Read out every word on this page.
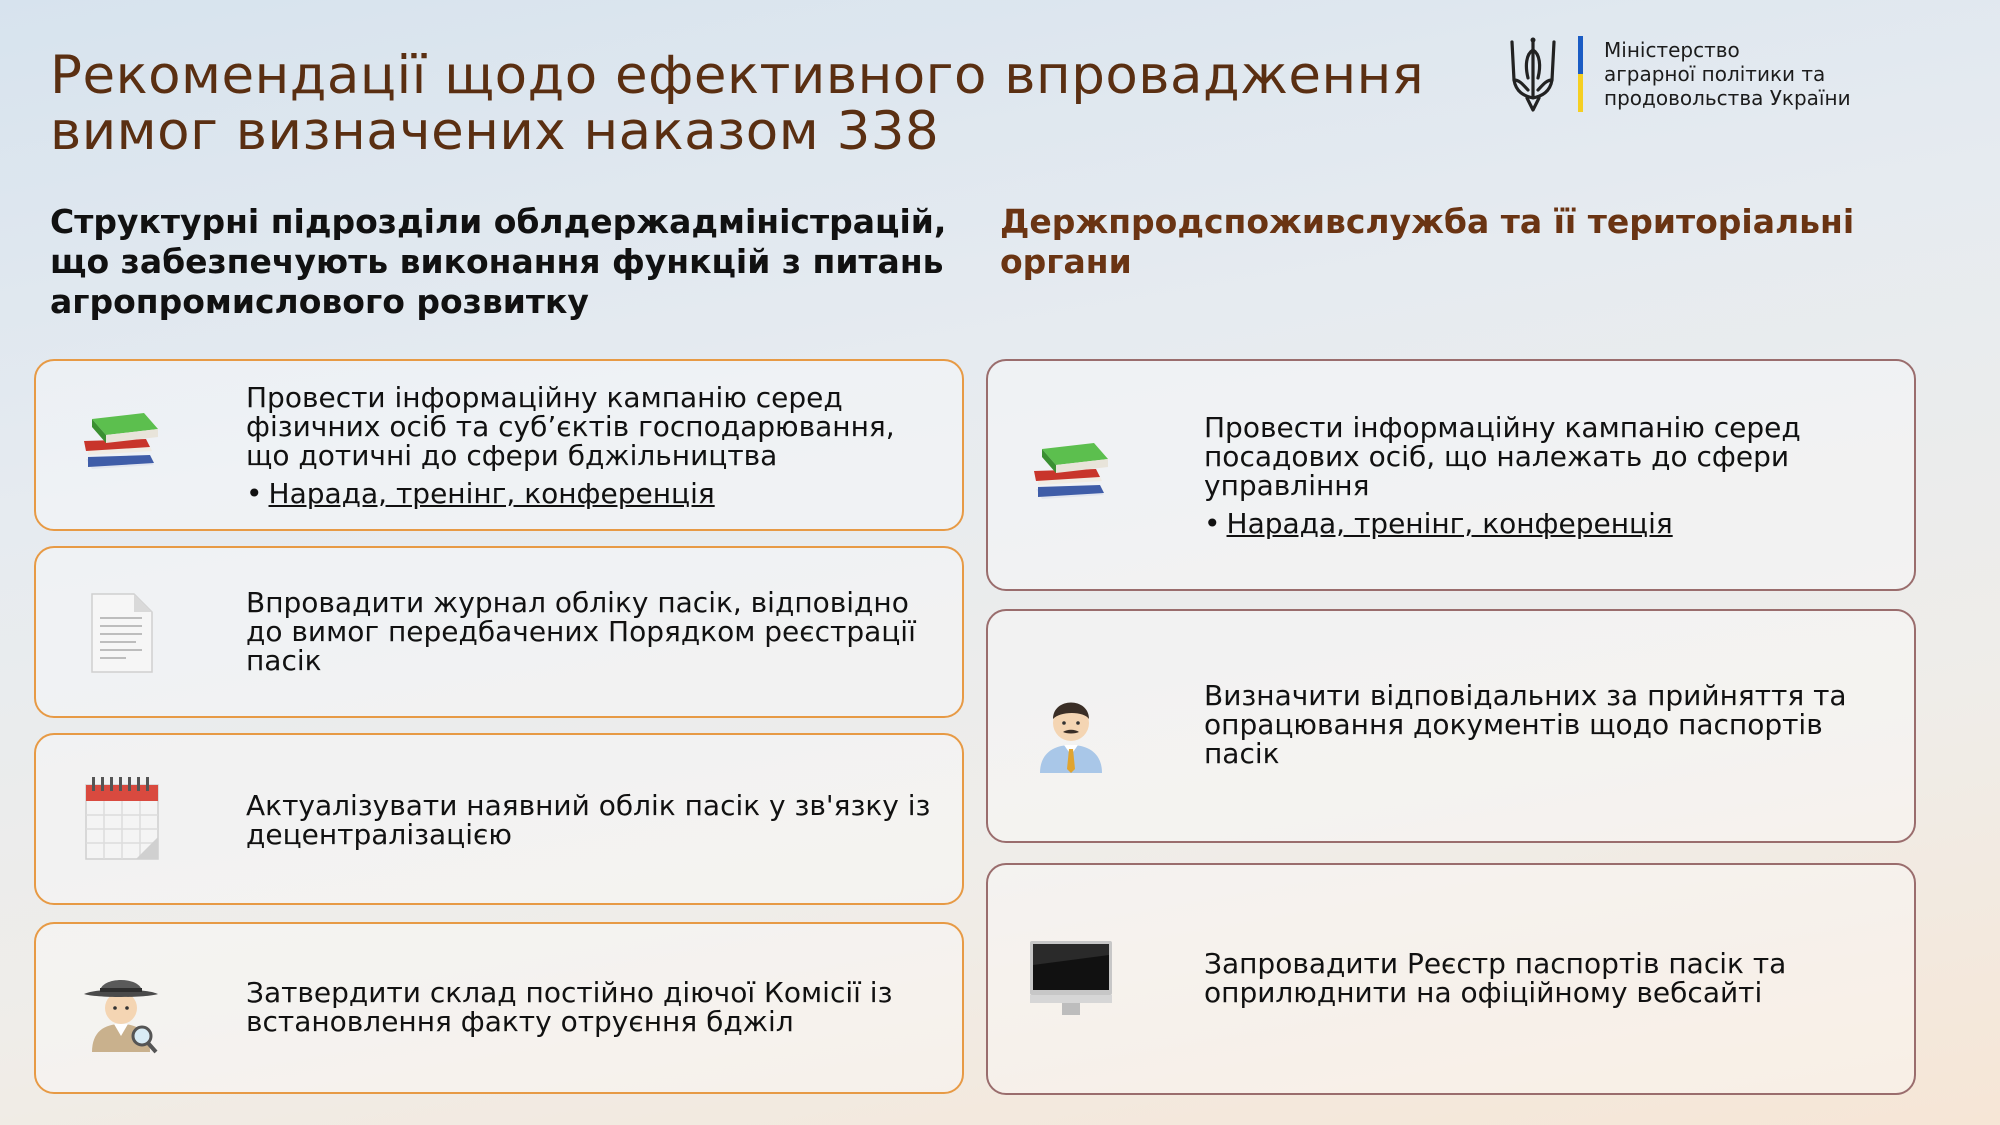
Рекомендації щодо ефективного впровадження
вимог визначених наказом 338
Міністерство
аграрної політики та
продовольства України
Структурні підрозділи облдержадміністрацій,
що забезпечують виконання функцій з питань
агропромислового розвитку
Держпродспоживслужба та її територіальні
органи
Провести інформаційну кампанію серед
фізичних осіб та суб’єктів господарювання,
що дотичні до сфери бджільництва
• Нарада, тренінг, конференція
Впровадити журнал обліку пасік, відповідно
до вимог передбачених Порядком реєстрації
пасік
Актуалізувати наявний облік пасік у зв'язку із
децентралізацією
Затвердити склад постійно діючої Комісії із
встановлення факту отруєння бджіл
Провести інформаційну кампанію серед
посадових осіб, що належать до сфери
управління
• Нарада, тренінг, конференція
Визначити відповідальних за прийняття та
опрацювання документів щодо паспортів
пасік
Запровадити Реєстр паспортів пасік та
оприлюднити на офіційному вебсайті
